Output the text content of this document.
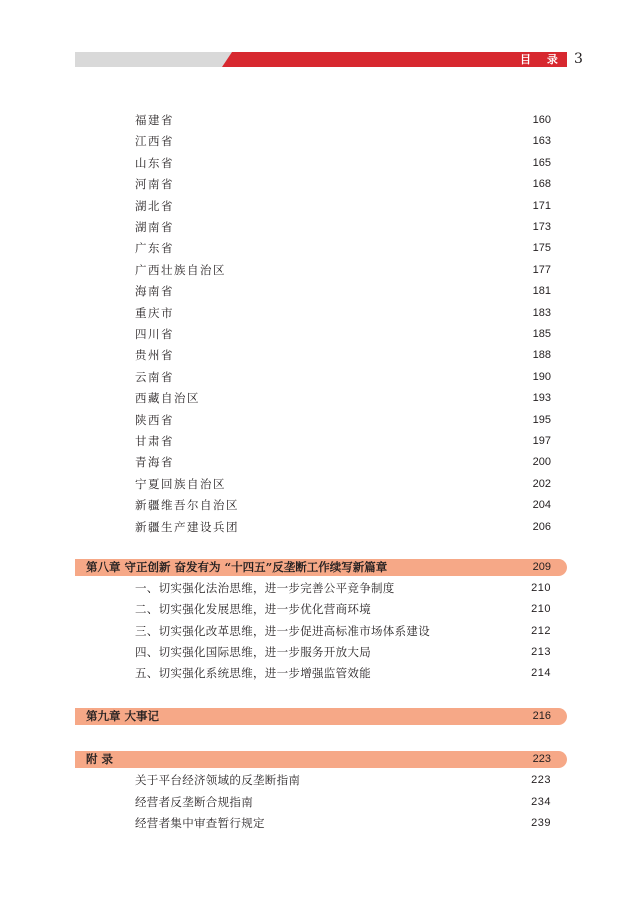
目 录 3
福建省	160
江西省	163
山东省	165
河南省	168
湖北省	171
湖南省	173
广东省	175
广西壮族自治区	177
海南省	181
重庆市	183
四川省	185
贵州省	188
云南省	190
西藏自治区	193
陕西省	195
甘肃省	197
青海省	200
宁夏回族自治区	202
新疆维吾尔自治区	204
新疆生产建设兵团	206
第八章 守正创新 奋发有为 “十四五”反垄断工作续写新篇章	209
一、切实强化法治思维，进一步完善公平竞争制度	210
二、切实强化发展思维，进一步优化营商环境	210
三、切实强化改革思维，进一步促进高标准市场体系建设	212
四、切实强化国际思维，进一步服务开放大局	213
五、切实强化系统思维，进一步增强监管效能	214
第九章 大事记	216
附 录	223
关于平台经济领域的反垄断指南	223
经营者反垄断合规指南	234
经营者集中审查暂行规定	239
